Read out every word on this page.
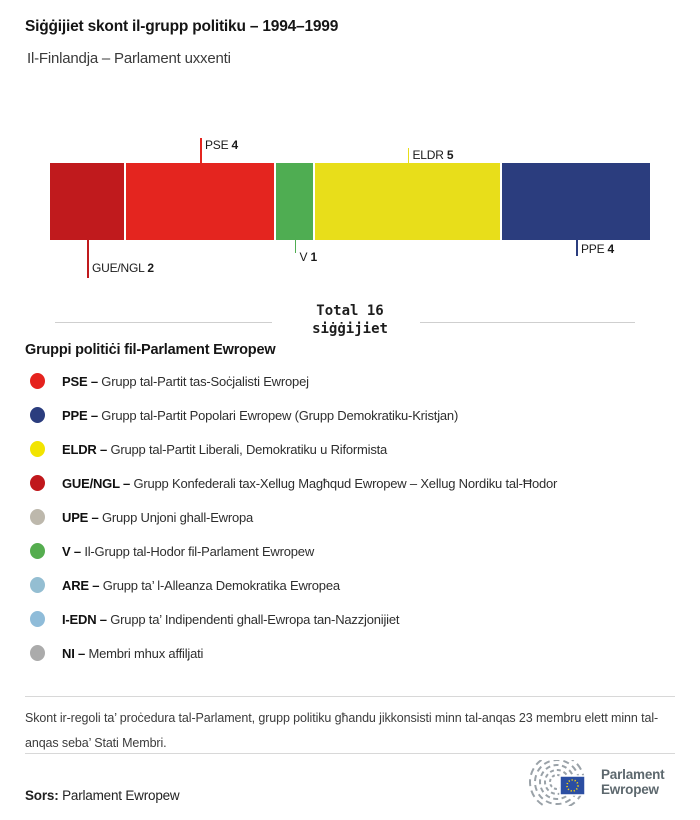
Siġġijiet skont il-grupp politiku – 1994–1999
Il-Finlandja – Parlament uxxenti
GUE/NGL 2
PSE 4
V 1
ELDR 5
PPE 4
Total 16
siġġijiet
Gruppi politiċi fil-Parlament Ewropew
PSE – Grupp tal-Partit tas-Soċjalisti Ewropej
PPE – Grupp tal-Partit Popolari Ewropew (Grupp Demokratiku-Kristjan)
ELDR – Grupp tal-Partit Liberali, Demokratiku u Riformista
GUE/NGL – Grupp Konfederali tax-Xellug Magħqud Ewropew – Xellug Nordiku tal-Ħodor
UPE – Grupp Unjoni ghall-Ewropa
V – Il-Grupp tal-Hodor fil-Parlament Ewropew
ARE – Grupp ta’ l-Alleanza Demokratika Ewropea
I-EDN – Grupp ta’ Indipendenti ghall-Ewropa tan-Nazzjonijiet
NI – Membri mhux affiljati
Skont ir-regoli ta’ proċedura tal-Parlament, grupp politiku għandu jikkonsisti minn tal-anqas 23 membru elett minn tal-anqas seba’ Stati Membri.
Sors: Parlament Ewropew
Parlament
Ewropew
